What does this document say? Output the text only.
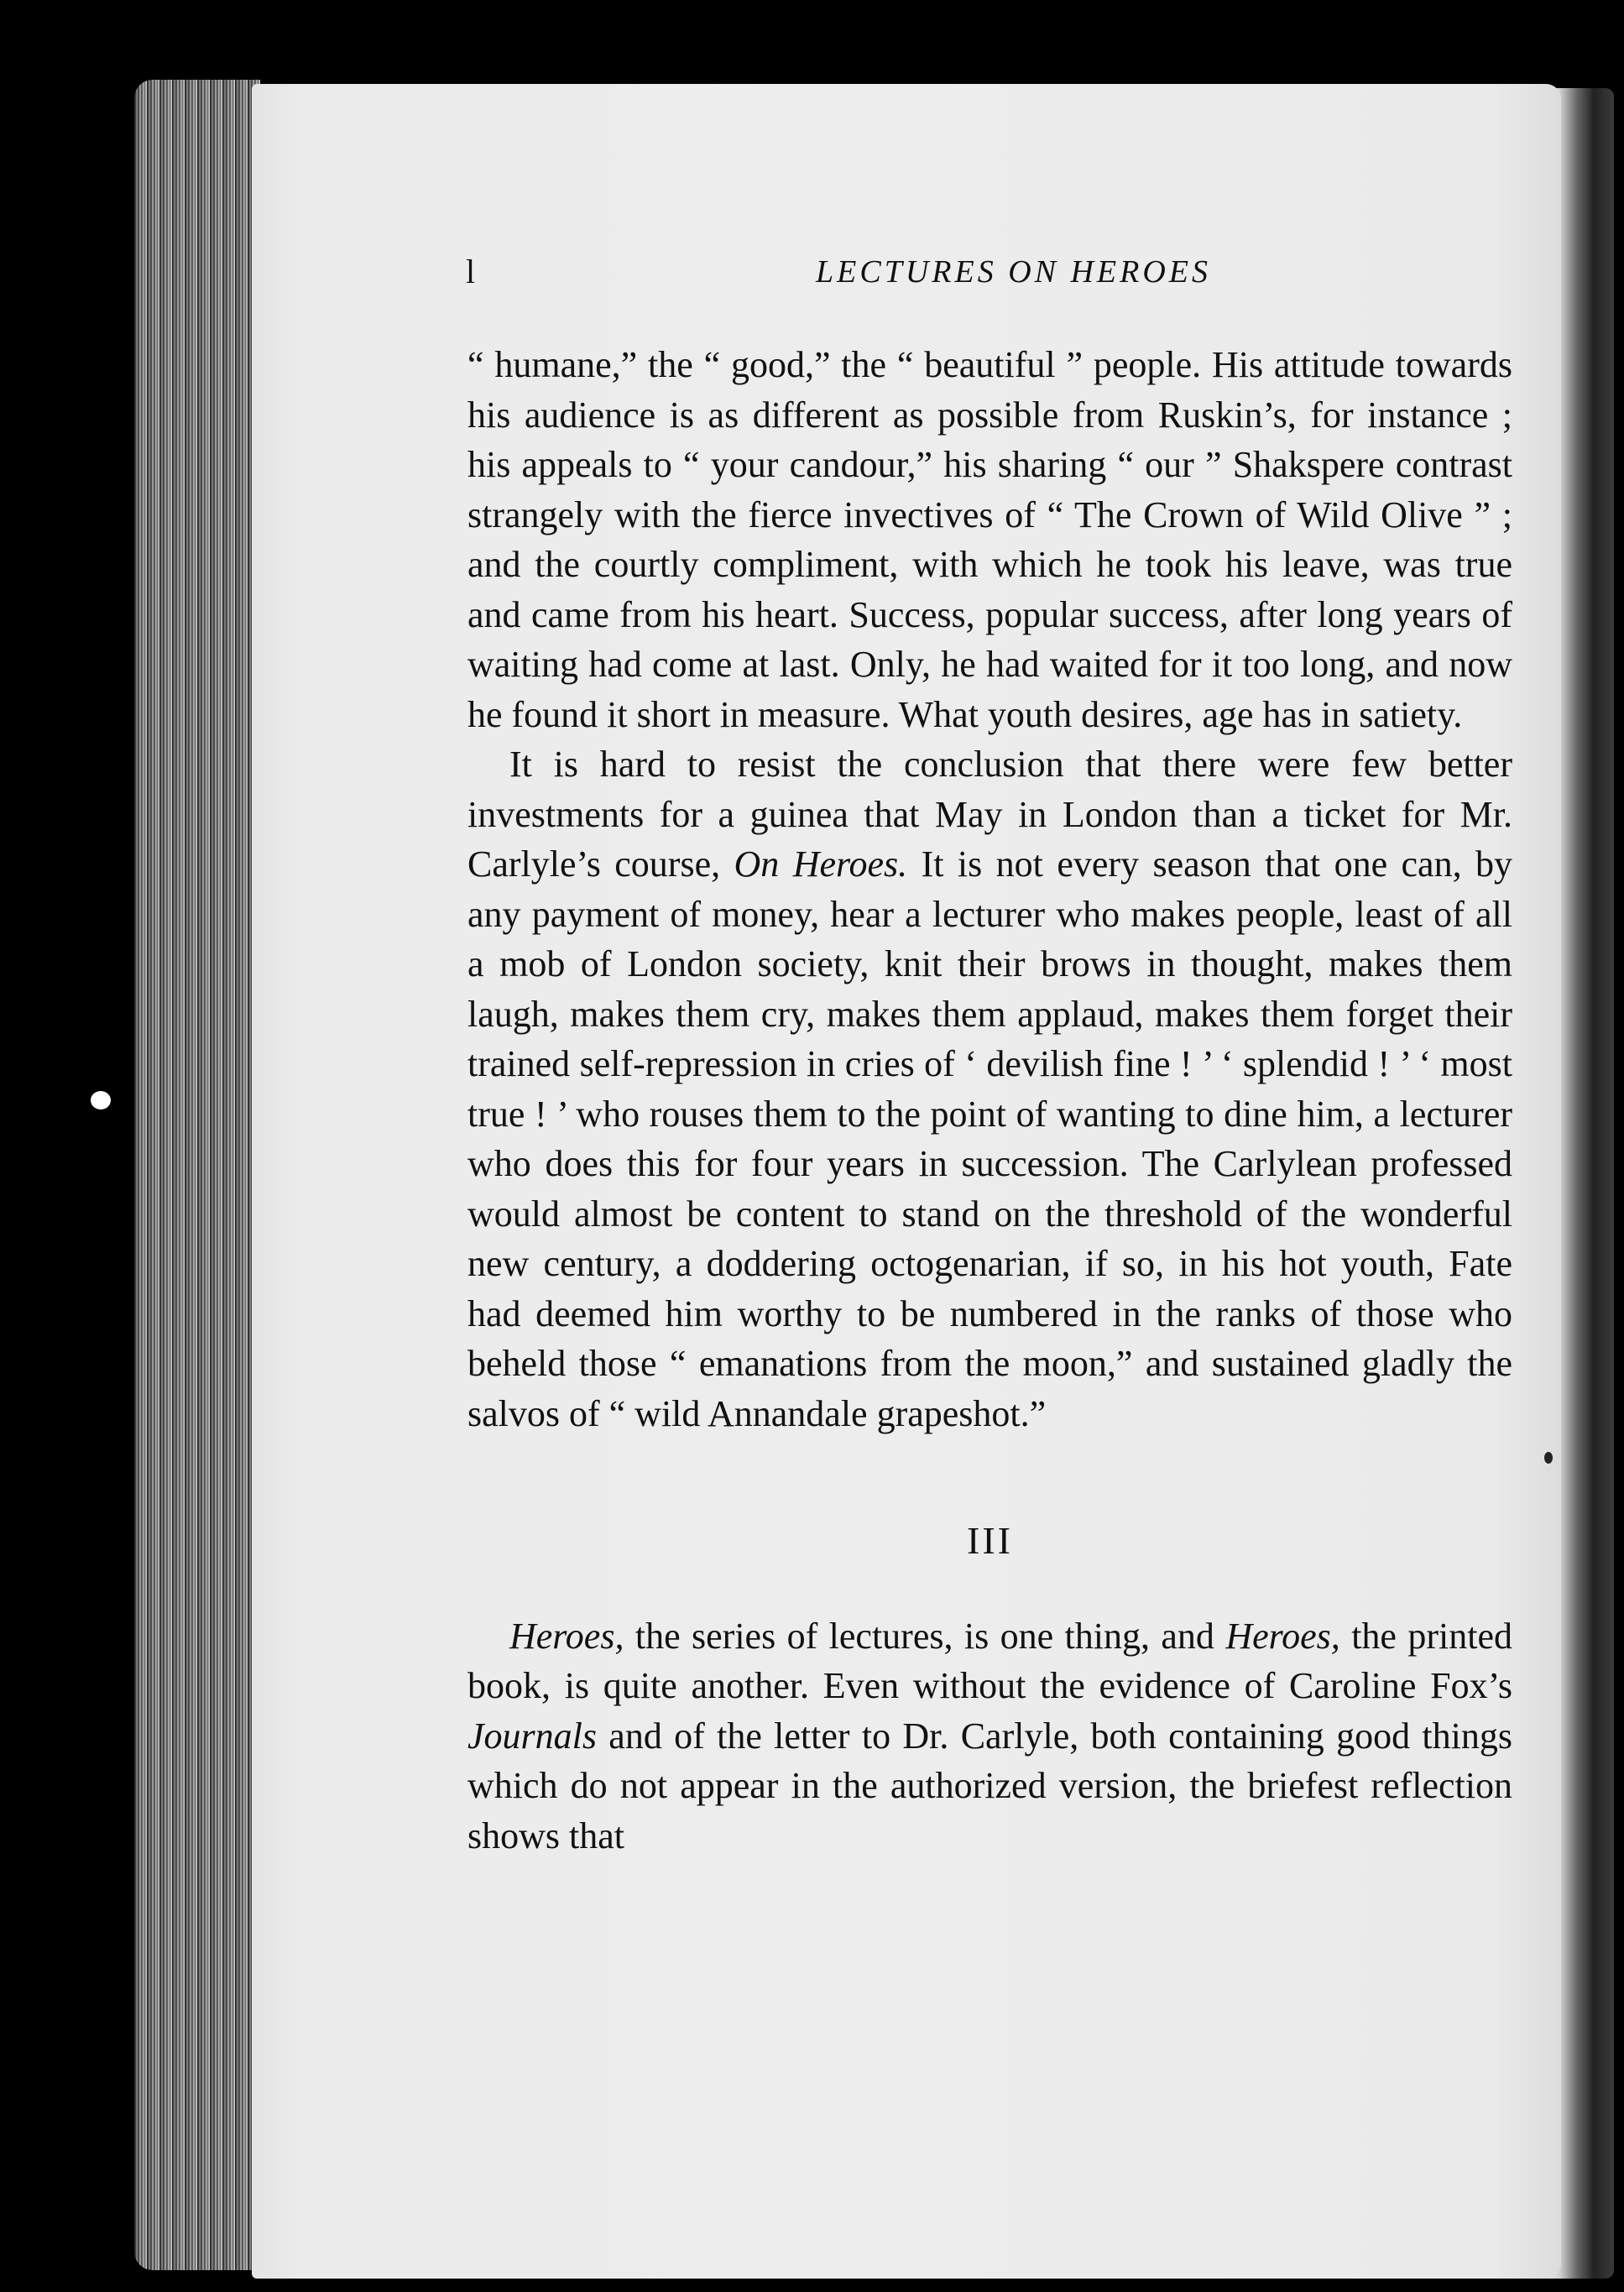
l	LECTURES ON HEROES

“ humane,” the “ good,” the “ beautiful ” people. His attitude towards his audience is as different as possible from Ruskin’s, for instance ; his appeals to “ your candour,” his sharing “ our ” Shakspere contrast strangely with the fierce invectives of “ The Crown of Wild Olive ” ; and the courtly compliment, with which he took his leave, was true and came from his heart. Success, popular success, after long years of waiting had come at last. Only, he had waited for it too long, and now he found it short in measure. What youth desires, age has in satiety.

It is hard to resist the conclusion that there were few better investments for a guinea that May in London than a ticket for Mr. Carlyle’s course, On Heroes. It is not every season that one can, by any payment of money, hear a lecturer who makes people, least of all a mob of London society, knit their brows in thought, makes them laugh, makes them cry, makes them applaud, makes them forget their trained self-repression in cries of ‘ devilish fine ! ’ ‘ splendid ! ’ ‘ most true ! ’ who rouses them to the point of wanting to dine him, a lecturer who does this for four years in succession. The Carlylean professed would almost be content to stand on the threshold of the wonderful new century, a doddering octogenarian, if so, in his hot youth, Fate had deemed him worthy to be numbered in the ranks of those who beheld those “ emanations from the moon,” and sustained gladly the salvos of “ wild Annandale grapeshot.”

III

Heroes, the series of lectures, is one thing, and Heroes, the printed book, is quite another. Even without the evidence of Caroline Fox’s Journals and of the letter to Dr. Carlyle, both containing good things which do not appear in the authorized version, the briefest reflection shows that
